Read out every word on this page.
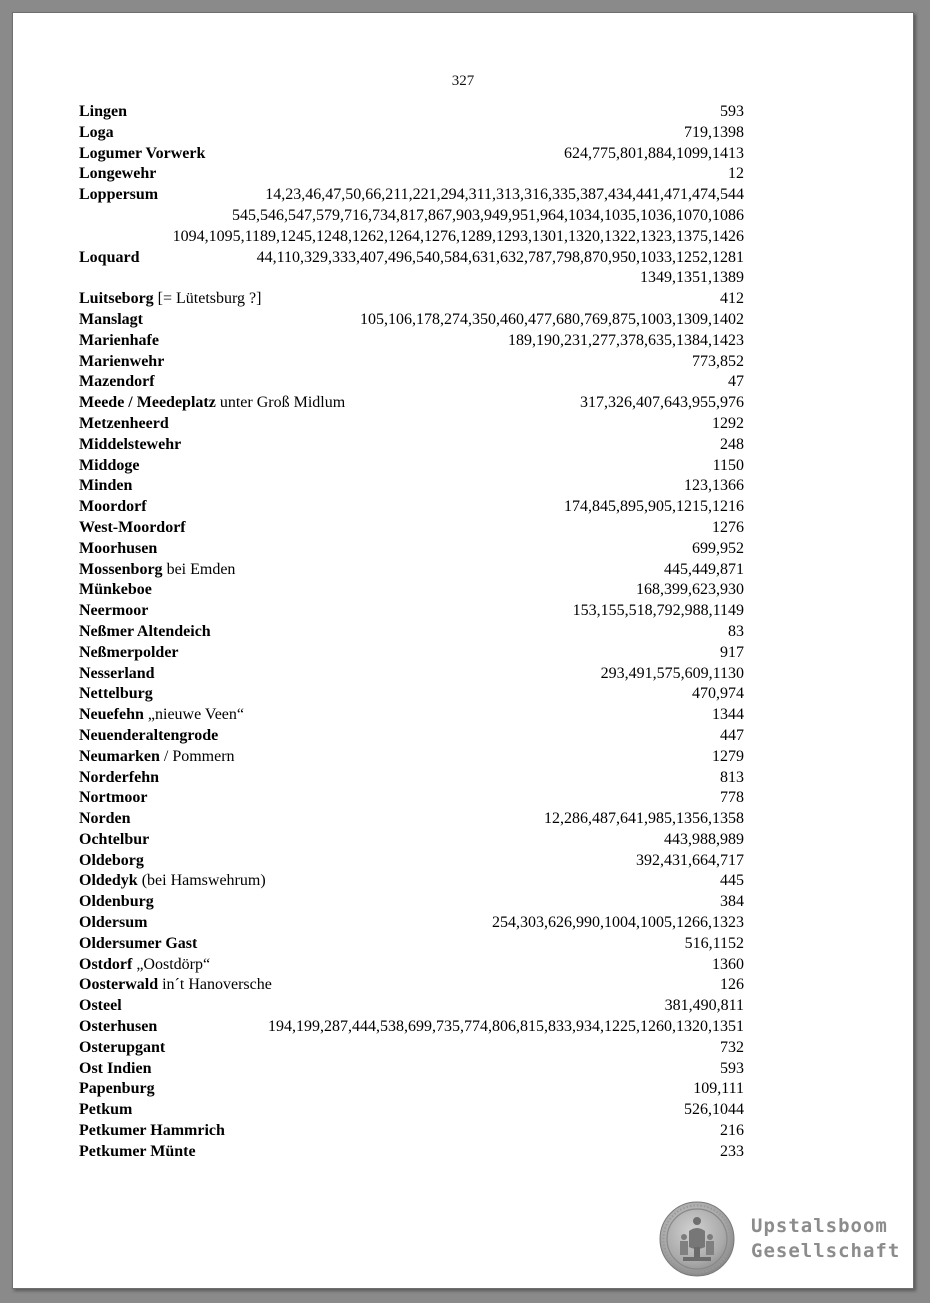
327
Lingen	593
Loga	719,1398
Logumer Vorwerk	624,775,801,884,1099,1413
Longewehr	12
Loppersum	14,23,46,47,50,66,211,221,294,311,313,316,335,387,434,441,471,474,544
545,546,547,579,716,734,817,867,903,949,951,964,1034,1035,1036,1070,1086
1094,1095,1189,1245,1248,1262,1264,1276,1289,1293,1301,1320,1322,1323,1375,1426
Loquard	44,110,329,333,407,496,540,584,631,632,787,798,870,950,1033,1252,1281
1349,1351,1389
Luitseborg [= Lütetsburg ?]	412
Manslagt	105,106,178,274,350,460,477,680,769,875,1003,1309,1402
Marienhafe	189,190,231,277,378,635,1384,1423
Marienwehr	773,852
Mazendorf	47
Meede / Meedeplatz unter Groß Midlum	317,326,407,643,955,976
Metzenheerd	1292
Middelstewehr	248
Middoge	1150
Minden	123,1366
Moordorf	174,845,895,905,1215,1216
West-Moordorf	1276
Moorhusen	699,952
Mossenborg bei Emden	445,449,871
Münkeboe	168,399,623,930
Neermoor	153,155,518,792,988,1149
Neßmer Altendeich	83
Neßmerpolder	917
Nesserland	293,491,575,609,1130
Nettelburg	470,974
Neuefehn „nieuwe Veen“	1344
Neuenderaltengrode	447
Neumarken / Pommern	1279
Norderfehn	813
Nortmoor	778
Norden	12,286,487,641,985,1356,1358
Ochtelbur	443,988,989
Oldeborg	392,431,664,717
Oldedyk (bei Hamswehrum)	445
Oldenburg	384
Oldersum	254,303,626,990,1004,1005,1266,1323
Oldersumer Gast	516,1152
Ostdorf „Oostdörp“	1360
Oosterwald in´t Hanoversche	126
Osteel	381,490,811
Osterhusen	194,199,287,444,538,699,735,774,806,815,833,934,1225,1260,1320,1351
Osterupgant	732
Ost Indien	593
Papenburg	109,111
Petkum	526,1044
Petkumer Hammrich	216
Petkumer Münte	233
Upstalsboom
Gesellschaft
